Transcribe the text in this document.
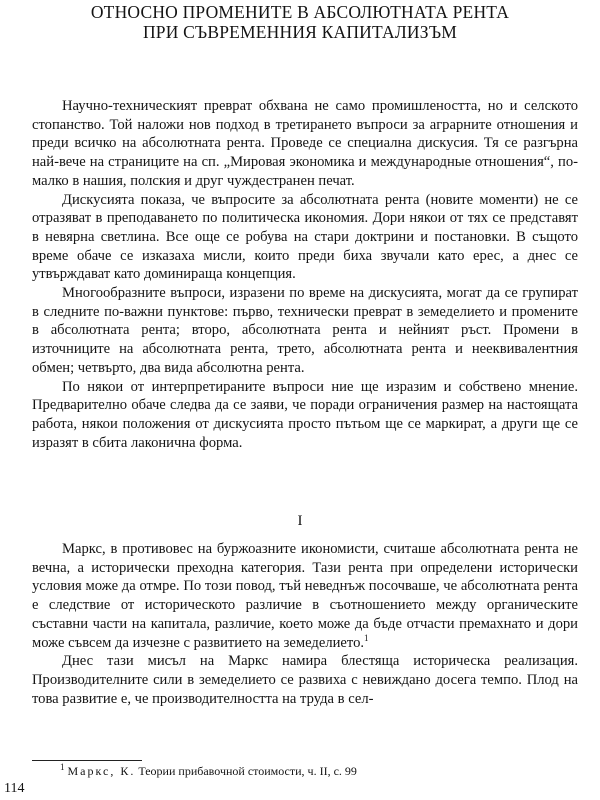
ОТНОСНО ПРОМЕНИТЕ В АБСОЛЮТНАТА РЕНТА
ПРИ СЪВРЕМЕННИЯ КАПИТАЛИЗЪМ

Научно-техническият преврат обхвана не само промишлеността, но и селското стопанство. Той наложи нов подход в третирането въпроси за аграрните отношения и преди всичко на абсолютната рента. Проведе се специална дискусия. Тя се разгърна най-вече на страниците на сп. „Мировая экономика и международные отношения“, по-малко в нашия, полския и друг чуждестранен печат.

Дискусията показа, че въпросите за абсолютната рента (новите моменти) не се отразяват в преподаването по политическа икономия. Дори някои от тях се представят в невярна светлина. Все още се робува на стари доктрини и постановки. В същото време обаче се изказаха мисли, които преди биха звучали като ерес, а днес се утвърждават като доминираща концепция.

Многообразните въпроси, изразени по време на дискусията, могат да се групират в следните по-важни пунктове: първо, технически преврат в земеделието и промените в абсолютната рента; второ, абсолютната рента и нейният ръст. Промени в източниците на абсолютната рента, трето, абсолютната рента и нееквивалентния обмен; четвърто, два вида абсолютна рента.

По някои от интерпретираните въпроси ние ще изразим и собствено мнение. Предварително обаче следва да се заяви, че поради ограничения размер на настоящата работа, някои положения от дискусията просто пътьом ще се маркират, а други ще се изразят в сбита лаконична форма.

I

Маркс, в противовес на буржоазните икономисти, считаше абсолютната рента не вечна, а исторически преходна категория. Тази рента при определени исторически условия може да отмре. По този повод, тъй неведнъж посочваше, че абсолютната рента е следствие от историческото различие в съотношението между органическите съставни части на капитала, различие, което може да бъде отчасти премахнато и дори може съвсем да изчезне с развитието на земеделието.$^1$

Днес тази мисъл на Маркс намира блестяща историческа реализация. Производителните сили в земеделието се развиха с невиждано досега темпо. Плод на това развитие е, че производителността на труда в сел-

$^1$ Маркс, К. Теории прибавочной стоимости, ч. II, с. 99
114
